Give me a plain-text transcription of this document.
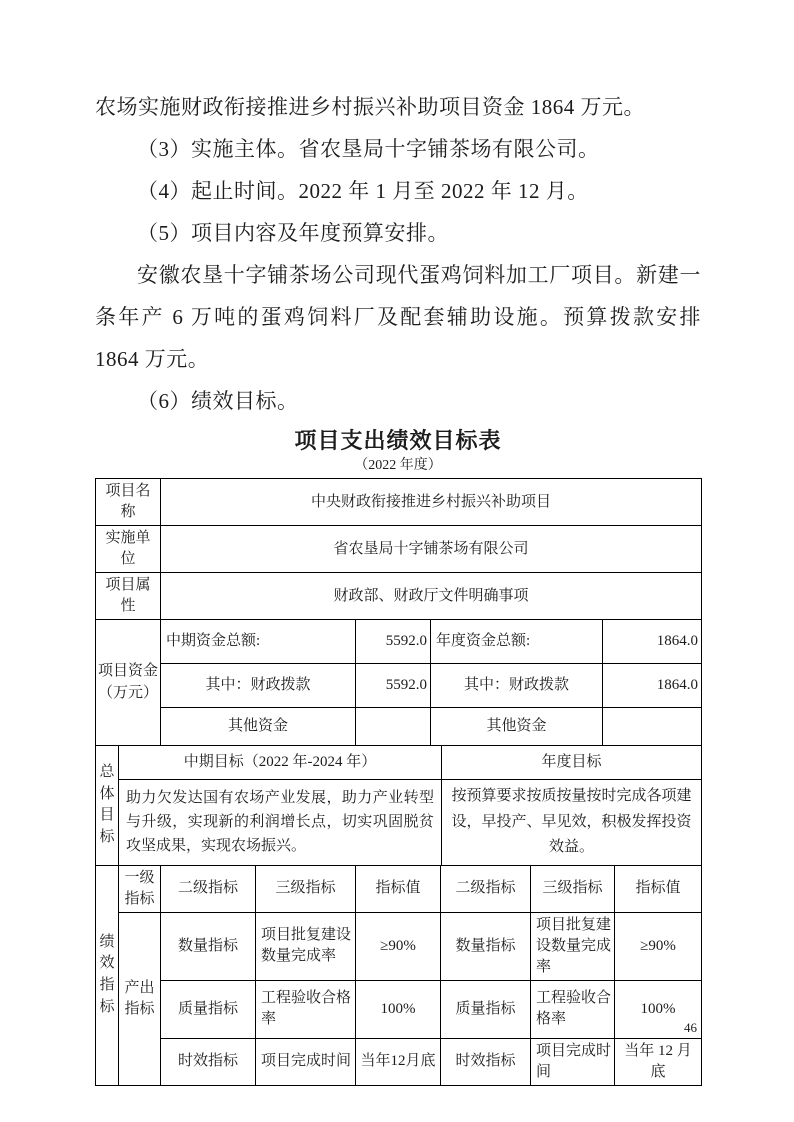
农场实施财政衔接推进乡村振兴补助项目资金 1864 万元。

（3）实施主体。省农垦局十字铺茶场有限公司。

（4）起止时间。2022 年 1 月至 2022 年 12 月。

（5）项目内容及年度预算安排。

安徽农垦十字铺茶场公司现代蛋鸡饲料加工厂项目。新建一条年产 6 万吨的蛋鸡饲料厂及配套辅助设施。预算拨款安排 1864 万元。

（6）绩效目标。

项目支出绩效目标表
（2022 年度）
项目名称	中央财政衔接推进乡村振兴补助项目
实施单位	省农垦局十字铺茶场有限公司
项目属性	财政部、财政厅文件明确事项
项目资金（万元）	中期资金总额:	5592.0	年度资金总额:	1864.0
	其中：财政拨款	5592.0	其中：财政拨款	1864.0
	其他资金		其他资金	
总体目标	中期目标（2022 年-2024 年）	年度目标
	助力欠发达国有农场产业发展，助力产业转型与升级，实现新的利润增长点，切实巩固脱贫攻坚成果，实现农场振兴。	按预算要求按质按量按时完成各项建设，早投产、早见效，积极发挥投资效益。
绩效指标	一级指标	二级指标	三级指标	指标值	二级指标	三级指标	指标值
	产出指标	数量指标	项目批复建设数量完成率	≥90%	数量指标	项目批复建设数量完成率	≥90%
		质量指标	工程验收合格率	100%	质量指标	工程验收合格率	100%
		时效指标	项目完成时间	当年12月底	时效指标	项目完成时间	当年 12 月底
46
